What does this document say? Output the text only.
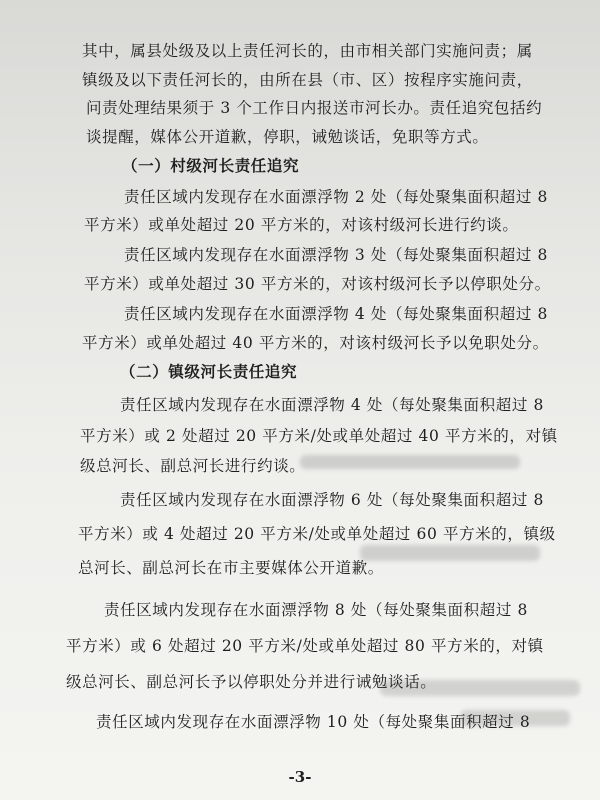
其中，属县处级及以上责任河长的，由市相关部门实施问责；属
镇级及以下责任河长的，由所在县（市、区）按程序实施问责，
问责处理结果须于 3 个工作日内报送市河长办。责任追究包括约
谈提醒，媒体公开道歉，停职，诫勉谈话，免职等方式。
（一）村级河长责任追究
责任区域内发现存在水面漂浮物 2 处（每处聚集面积超过 8
平方米）或单处超过 20 平方米的，对该村级河长进行约谈。
责任区域内发现存在水面漂浮物 3 处（每处聚集面积超过 8
平方米）或单处超过 30 平方米的，对该村级河长予以停职处分。
责任区域内发现存在水面漂浮物 4 处（每处聚集面积超过 8
平方米）或单处超过 40 平方米的，对该村级河长予以免职处分。
（二）镇级河长责任追究
责任区域内发现存在水面漂浮物 4 处（每处聚集面积超过 8
平方米）或 2 处超过 20 平方米/处或单处超过 40 平方米的，对镇
级总河长、副总河长进行约谈。
责任区域内发现存在水面漂浮物 6 处（每处聚集面积超过 8
平方米）或 4 处超过 20 平方米/处或单处超过 60 平方米的，镇级
总河长、副总河长在市主要媒体公开道歉。
责任区域内发现存在水面漂浮物 8 处（每处聚集面积超过 8
平方米）或 6 处超过 20 平方米/处或单处超过 80 平方米的，对镇
级总河长、副总河长予以停职处分并进行诫勉谈话。
责任区域内发现存在水面漂浮物 10 处（每处聚集面积超过 8
-3-
